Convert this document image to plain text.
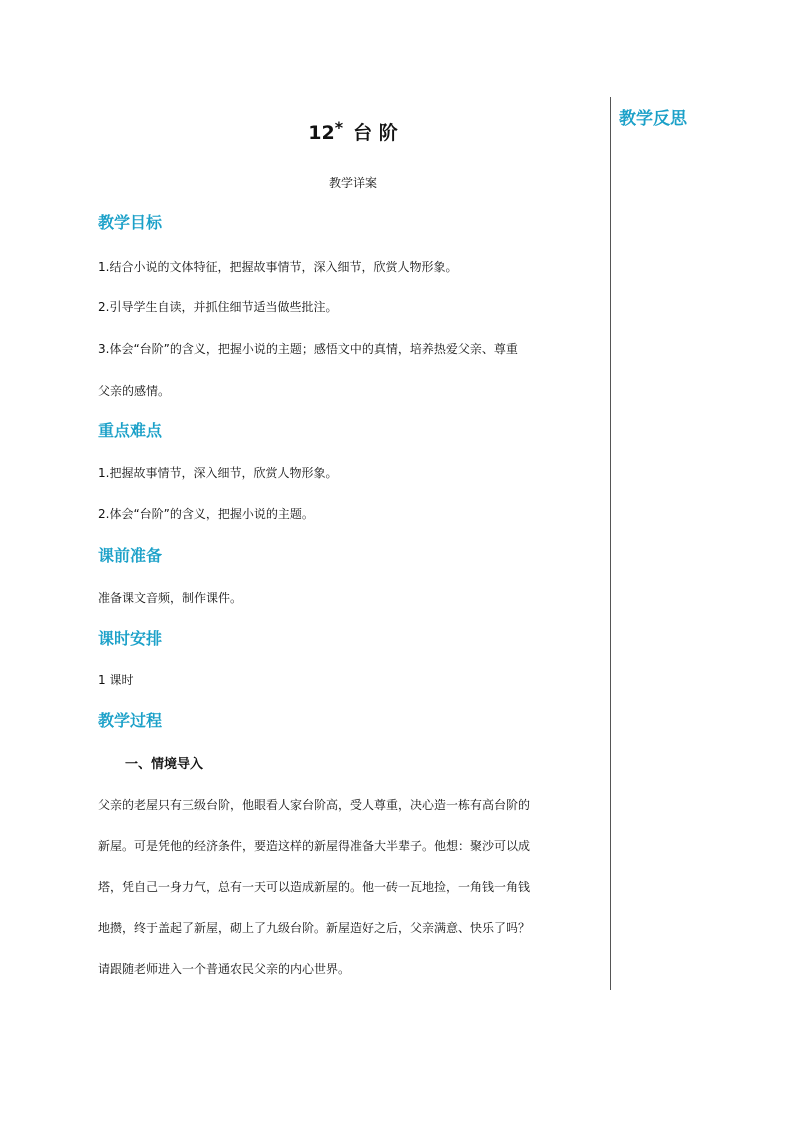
教学反思
12* 台 阶
教学详案
教学目标
1.结合小说的文体特征，把握故事情节，深入细节，欣赏人物形象。
2.引导学生自读，并抓住细节适当做些批注。
3.体会“台阶”的含义，把握小说的主题；感悟文中的真情，培养热爱父亲、尊重
父亲的感情。
重点难点
1.把握故事情节，深入细节，欣赏人物形象。
2.体会“台阶”的含义，把握小说的主题。
课前准备
准备课文音频，制作课件。
课时安排
1 课时
教学过程
一、情境导入
父亲的老屋只有三级台阶，他眼看人家台阶高，受人尊重，决心造一栋有高台阶的
新屋。可是凭他的经济条件，要造这样的新屋得准备大半辈子。他想：聚沙可以成
塔，凭自己一身力气，总有一天可以造成新屋的。他一砖一瓦地捡，一角钱一角钱
地攒，终于盖起了新屋，砌上了九级台阶。新屋造好之后，父亲满意、快乐了吗？
请跟随老师进入一个普通农民父亲的内心世界。
